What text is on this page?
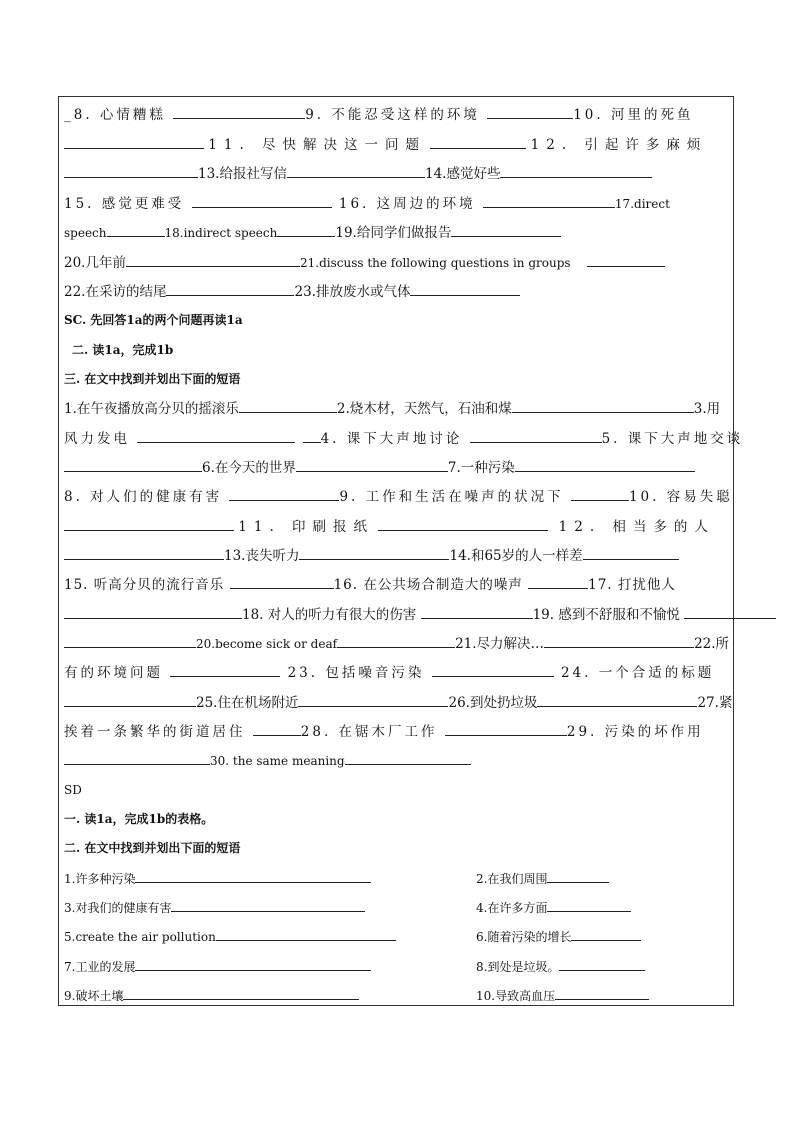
_8. 心情糟糕	9. 不能忍受这样的环境	10. 河里的死鱼
11. 尽快解决这一问题	12. 引起许多麻烦
13.给报社写信	14.感觉好些
15. 感觉更难受	16. 这周边的环境	17.direct
speech	18.indirect speech	19.给同学们做报告
20.几年前	21.discuss the following questions in groups
22.在采访的结尾	23.排放废水或气体
SC. 先回答1a的两个问题再读1a
二. 读1a，完成1b
三. 在文中找到并划出下面的短语
1.在午夜播放高分贝的摇滚乐	2.烧木材，天然气，石油和煤	3.用
风力发电	4. 课下大声地讨论	5. 课下大声地交谈
6.在今天的世界	7.一种污染
8. 对人们的健康有害	9. 工作和生活在噪声的状况下	10. 容易失聪
11. 印刷报纸	12. 相当多的人
13.丧失听力	14.和65岁的人一样差
15. 听高分贝的流行音乐	16. 在公共场合制造大的噪声	17. 打扰他人
18. 对人的听力有很大的伤害	19. 感到不舒服和不愉悦
20.become sick or deaf	21.尽力解决…	22.所
有的环境问题	23. 包括噪音污染	24. 一个合适的标题
25.住在机场附近	26.到处扔垃圾	27.紧
挨着一条繁华的街道居住	28. 在锯木厂工作	29. 污染的坏作用
30. the same meaning
SD
一. 读1a，完成1b的表格。
二. 在文中找到并划出下面的短语
1.许多种污染	2.在我们周围
3.对我们的健康有害	4.在许多方面
5.create the air pollution	6.随着污染的增长
7.工业的发展	8.到处是垃圾。
9.破坏土壤	10.导致高血压
